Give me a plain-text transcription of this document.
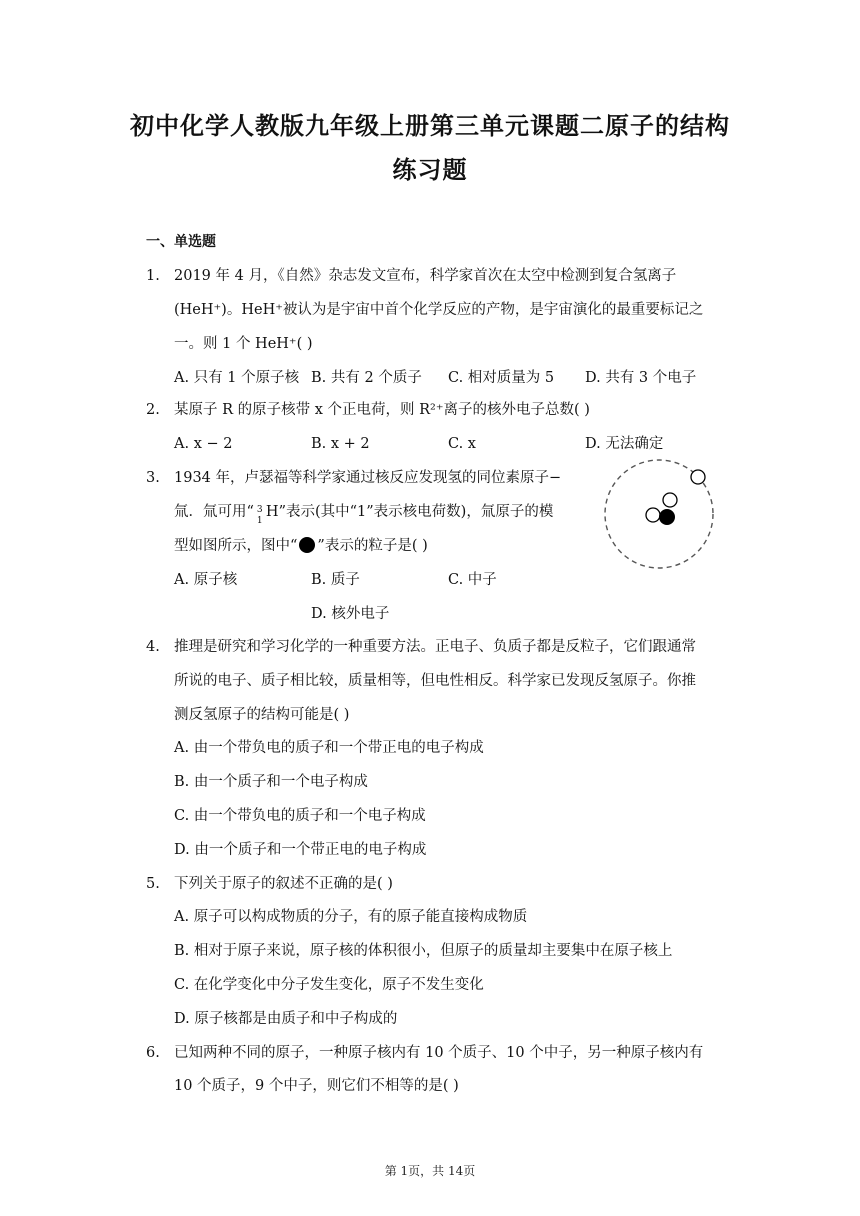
初中化学人教版九年级上册第三单元课题二原子的结构
练习题
一、单选题
1. 2019 年 4 月，《自然》杂志发文宣布，科学家首次在太空中检测到复合氢离子
(HeH⁺)。HeH⁺被认为是宇宙中首个化学反应的产物，是宇宙演化的最重要标记之
一。则 1 个 HeH⁺( )
A. 只有 1 个原子核 B. 共有 2 个质子 C. 相对质量为 5 D. 共有 3 个电子
2. 某原子 R 的原子核带 x 个正电荷，则 R²⁺离子的核外电子总数( )
A. x − 2	B. x + 2	C. x	D. 无法确定
3. 1934 年，卢瑟福等科学家通过核反应发现氢的同位素原子−
氚．氚可用“ 3
1
H”表示(其中“1”表示核电荷数)，氚原子的模
型如图所示，图中“ ”表示的粒子是( )
A. 原子核	B. 质子	C. 中子
D. 核外电子
4. 推理是研究和学习化学的一种重要方法。正电子、负质子都是反粒子，它们跟通常
所说的电子、质子相比较，质量相等，但电性相反。科学家已发现反氢原子。你推
测反氢原子的结构可能是( )
A. 由一个带负电的质子和一个带正电的电子构成
B. 由一个质子和一个电子构成
C. 由一个带负电的质子和一个电子构成
D. 由一个质子和一个带正电的电子构成
5. 下列关于原子的叙述不正确的是( )
A. 原子可以构成物质的分子，有的原子能直接构成物质
B. 相对于原子来说，原子核的体积很小，但原子的质量却主要集中在原子核上
C. 在化学变化中分子发生变化，原子不发生变化
D. 原子核都是由质子和中子构成的
6. 已知两种不同的原子，一种原子核内有 10 个质子、10 个中子，另一种原子核内有
10 个质子，9 个中子，则它们不相等的是( )
第 1页，共 14页
